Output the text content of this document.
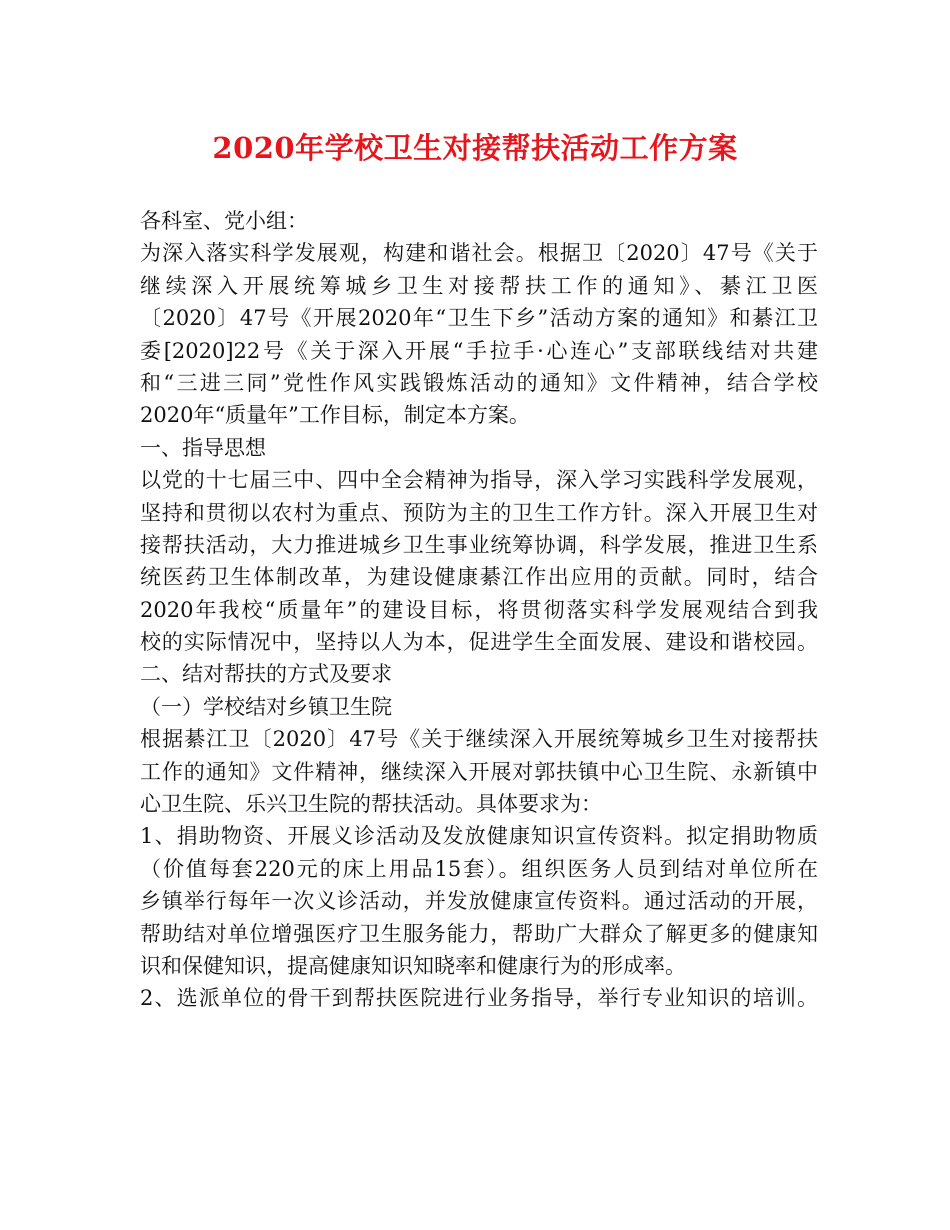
2020年学校卫生对接帮扶活动工作方案
各科室、党小组：
为深入落实科学发展观，构建和谐社会。根据卫〔2020〕47号《关于
继续深入开展统筹城乡卫生对接帮扶工作的通知》、綦江卫医
〔2020〕47号《开展2020年“卫生下乡”活动方案的通知》和綦江卫
委[2020]22号《关于深入开展“手拉手·心连心”支部联线结对共建
和“三进三同”党性作风实践锻炼活动的通知》文件精神，结合学校
2020年“质量年”工作目标，制定本方案。
一、指导思想
以党的十七届三中、四中全会精神为指导，深入学习实践科学发展观，
坚持和贯彻以农村为重点、预防为主的卫生工作方针。深入开展卫生对
接帮扶活动，大力推进城乡卫生事业统筹协调，科学发展，推进卫生系
统医药卫生体制改革，为建设健康綦江作出应用的贡献。同时，结合
2020年我校“质量年”的建设目标，将贯彻落实科学发展观结合到我
校的实际情况中，坚持以人为本，促进学生全面发展、建设和谐校园。
二、结对帮扶的方式及要求
（一）学校结对乡镇卫生院
根据綦江卫〔2020〕47号《关于继续深入开展统筹城乡卫生对接帮扶
工作的通知》文件精神，继续深入开展对郭扶镇中心卫生院、永新镇中
心卫生院、乐兴卫生院的帮扶活动。具体要求为：
1、捐助物资、开展义诊活动及发放健康知识宣传资料。拟定捐助物质
（价值每套220元的床上用品15套）。组织医务人员到结对单位所在
乡镇举行每年一次义诊活动，并发放健康宣传资料。通过活动的开展，
帮助结对单位增强医疗卫生服务能力，帮助广大群众了解更多的健康知
识和保健知识，提高健康知识知晓率和健康行为的形成率。
2、选派单位的骨干到帮扶医院进行业务指导，举行专业知识的培训。
